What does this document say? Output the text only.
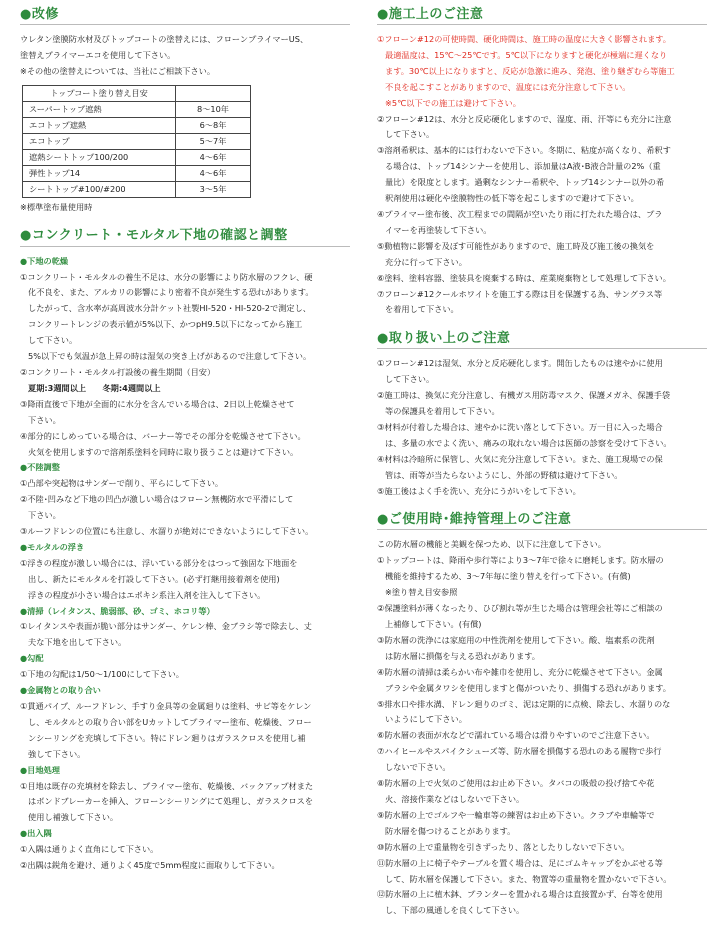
●改修

ウレタン塗膜防水材及びトップコートの塗替えには、フローンプライマーUS、

塗替えプライマーエコを使用して下さい。

※その他の塗替えについては、当社にご相談下さい。

トップコート塗り替え目安	
スーパートップ遮熱	8〜10年
エコトップ遮熱	6〜8年
エコトップ	5〜7年
遮熱シートトップ100/200	4〜6年
弾性トップ14	4〜6年
シートトップ#100/#200	3〜5年

※標準塗布量使用時

●コンクリート・モルタル下地の確認と調整

●下地の乾燥

①コンクリート・モルタルの養生不足は、水分の影響により防水層のフクレ、硬

化不良を、また、アルカリの影響により密着不良が発生する恐れがあります。

したがって、含水率が高周波水分計ケット社製HI-520・HI-520-2で測定し、

コンクリートレンジの表示値が5%以下、かつpH9.5以下になってから施工

して下さい。

5%以下でも気温が急上昇の時は湿気の突き上げがあるので注意して下さい。

②コンクリート・モルタル打設後の養生期間（目安）

夏期:3週間以上　　冬期:4週間以上

③降雨直後で下地が全面的に水分を含んでいる場合は、2日以上乾燥させて

下さい。

④部分的にしめっている場合は、バーナー等でその部分を乾燥させて下さい。

火気を使用しますので溶剤系塗料を同時に取り扱うことは避けて下さい。

●不陸調整

①凸部や突起物はサンダーで削り、平らにして下さい。

②不陸･凹みなど下地の凹凸が激しい場合はフローン無機防水で平滑にして

下さい。

③ルーフドレンの位置にも注意し、水溜りが絶対にできないようにして下さい。

●モルタルの浮き

①浮きの程度が激しい場合には、浮いている部分をはつって強固な下地面を

出し、新たにモルタルを打設して下さい。(必ず打継用接着剤を使用)

浮きの程度が小さい場合はエポキシ系注入剤を注入して下さい。

●清掃（レイタンス、脆弱部、砂、ゴミ、ホコリ等）

①レイタンスや表面が脆い部分はサンダー、ケレン棒、金ブラシ等で除去し、丈

夫な下地を出して下さい。

●勾配

①下地の勾配は1/50〜1/100にして下さい。

●金属物との取り合い

①貫通パイプ、ルーフドレン、手すり金具等の金属廻りは塗料、サビ等をケレン

し、モルタルとの取り合い部をUカットしてプライマー塗布、乾燥後、フロー

ンシーリングを充填して下さい。特にドレン廻りはガラスクロスを使用し補

強して下さい。

●目地処理

①目地は既存の充填材を除去し、プライマー塗布、乾燥後、バックアップ材また

はボンドブレーカーを挿入、フローンシーリングにて処理し、ガラスクロスを

使用し補強して下さい。

●出入隅

①入隅は通りよく直角にして下さい。

②出隅は鋭角を避け、通りよく45度で5mm程度に面取りして下さい。

●施工上のご注意

①フローン#12の可使時間、硬化時間は、施工時の温度に大きく影響されます。

最適温度は、15℃〜25℃です。5℃以下になりますと硬化が極端に遅くなり

ます。30℃以上になりますと、反応が急激に進み、発泡、塗り継ぎむら等施工

不良を起こすことがありますので、温度には充分注意して下さい。

※5℃以下での施工は避けて下さい。

②フローン#12は、水分と反応硬化しますので、湿度、雨、汗等にも充分に注意

して下さい。

③溶剤希釈は、基本的には行わないで下さい。冬期に、粘度が高くなり、希釈す

る場合は、トップ14シンナーを使用し、添加量はA液･B液合計量の2%（重

量比）を限度とします。過剰なシンナー希釈や、トップ14シンナー以外の希

釈剤使用は硬化や塗膜物性の低下等を起こしますので避けて下さい。

④プライマー塗布後、次工程までの間隔が空いたり雨に打たれた場合は、プラ

イマーを再塗装して下さい。

⑤動植物に影響を及ぼす可能性がありますので、施工時及び施工後の換気を

充分に行って下さい。

⑥塗料、塗料容器、塗装具を廃棄する時は、産業廃棄物として処理して下さい。

⑦フローン#12クールホワイトを施工する際は目を保護する為、サングラス等

を着用して下さい。

●取り扱い上のご注意

①フローン#12は湿気、水分と反応硬化します。開缶したものは速やかに使用

して下さい。

②施工時は、換気に充分注意し、有機ガス用防毒マスク、保護メガネ、保護手袋

等の保護具を着用して下さい。

③材料が付着した場合は、速やかに洗い落として下さい。万一目に入った場合

は、多量の水でよく洗い、痛みの取れない場合は医師の診察を受けて下さい。

④材料は冷暗所に保管し、火気に充分注意して下さい。また、施工現場での保

管は、雨等が当たらないようにし、外部の野積は避けて下さい。

⑤施工後はよく手を洗い、充分にうがいをして下さい。

●ご使用時･維持管理上のご注意

この防水層の機能と美観を保つため、以下に注意して下さい。

①トップコートは、降雨や歩行等により3〜7年で徐々に磨耗します。防水層の

機能を維持するため、3〜7年毎に塗り替えを行って下さい。(有償)

※塗り替え目安参照

②保護塗料が薄くなったり、ひび割れ等が生じた場合は管理会社等にご相談の

上補修して下さい。(有償)

③防水層の洗浄には家庭用の中性洗剤を使用して下さい。酸、塩素系の洗剤

は防水層に損傷を与える恐れがあります。

④防水層の清掃は柔らかい布や雑巾を使用し、充分に乾燥させて下さい。金属

ブラシや金属タワシを使用しますと傷がついたり、損傷する恐れがあります。

⑤排水口や排水溝、ドレン廻りのゴミ、泥は定期的に点検、除去し、水溜りのな

いようにして下さい。

⑥防水層の表面が水などで濡れている場合は滑りやすいのでご注意下さい。

⑦ハイヒールやスパイクシューズ等、防水層を損傷する恐れのある履物で歩行

しないで下さい。

⑧防水層の上で火気のご使用はお止め下さい。タバコの吸殻の投げ捨てや花

火、溶接作業などはしないで下さい。

⑨防水層の上でゴルフや一輪車等の練習はお止め下さい。クラブや車輪等で

防水層を傷つけることがあります。

⑩防水層の上で重量物を引きずったり、落としたりしないで下さい。

⑪防水層の上に椅子やテーブルを置く場合は、足にゴムキャップをかぶせる等

して、防水層を保護して下さい。また、物置等の重量物を置かないで下さい。

⑫防水層の上に植木鉢、プランターを置かれる場合は直接置かず、台等を使用

し、下部の風通しを良くして下さい。
